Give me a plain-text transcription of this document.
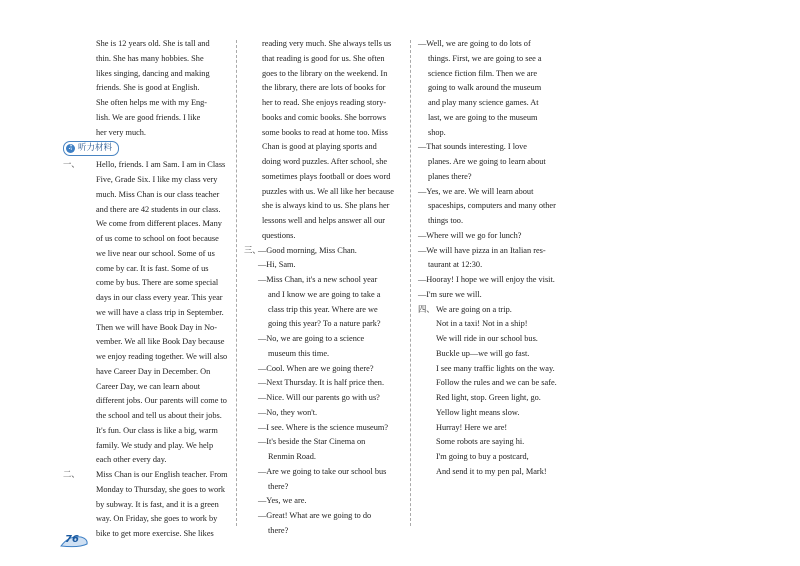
She is 12 years old. She is tall and

thin. She has many hobbies. She

likes singing, dancing and making

friends. She is good at English.

She often helps me with my Eng-

lish. We are good friends. I like

her very much.

♫ 听力材料
一、 Hello, friends. I am Sam. I am in Class

Five, Grade Six. I like my class very

much. Miss Chan is our class teacher

and there are 42 students in our class.

We come from different places. Many

of us come to school on foot because

we live near our school. Some of us

come by car. It is fast. Some of us

come by bus. There are some special

days in our class every year. This year

we will have a class trip in September.

Then we will have Book Day in No-

vember. We all like Book Day because

we enjoy reading together. We will also

have Career Day in December. On

Career Day, we can learn about

different jobs. Our parents will come to

the school and tell us about their jobs.

It's fun. Our class is like a big, warm

family. We study and play. We help

each other every day.

二、 Miss Chan is our English teacher. From

Monday to Thursday, she goes to work

by subway. It is fast, and it is a green

way. On Friday, she goes to work by

bike to get more exercise. She likes

reading very much. She always tells us

that reading is good for us. She often

goes to the library on the weekend. In

the library, there are lots of books for

her to read. She enjoys reading story-

books and comic books. She borrows

some books to read at home too. Miss

Chan is good at playing sports and

doing word puzzles. After school, she

sometimes plays football or does word

puzzles with us. We all like her because

she is always kind to us. She plans her

lessons well and helps answer all our

questions.

三、

—Good morning, Miss Chan.

—Hi, Sam.

—Miss Chan, it's a new school year

and I know we are going to take a

class trip this year. Where are we

going this year? To a nature park?

—No, we are going to a science

museum this time.

—Cool. When are we going there?

—Next Thursday. It is half price then.

—Nice. Will our parents go with us?

—No, they won't.

—I see. Where is the science museum?

—It's beside the Star Cinema on

Renmin Road.

—Are we going to take our school bus

there?

—Yes, we are.

—Great! What are we going to do

there?

—Well, we are going to do lots of

things. First, we are going to see a

science fiction film. Then we are

going to walk around the museum

and play many science games. At

last, we are going to the museum

shop.

—That sounds interesting. I love

planes. Are we going to learn about

planes there?

—Yes, we are. We will learn about

spaceships, computers and many other

things too.

—Where will we go for lunch?

—We will have pizza in an Italian res-

taurant at 12:30.

—Hooray! I hope we will enjoy the visit.

—I'm sure we will.

四、 We are going on a trip.

Not in a taxi! Not in a ship!

We will ride in our school bus.

Buckle up—we will go fast.

I see many traffic lights on the way.

Follow the rules and we can be safe.

Red light, stop. Green light, go.

Yellow light means slow.

Hurray! Here we are!

Some robots are saying hi.

I'm going to buy a postcard,

And send it to my pen pal, Mark!

76
